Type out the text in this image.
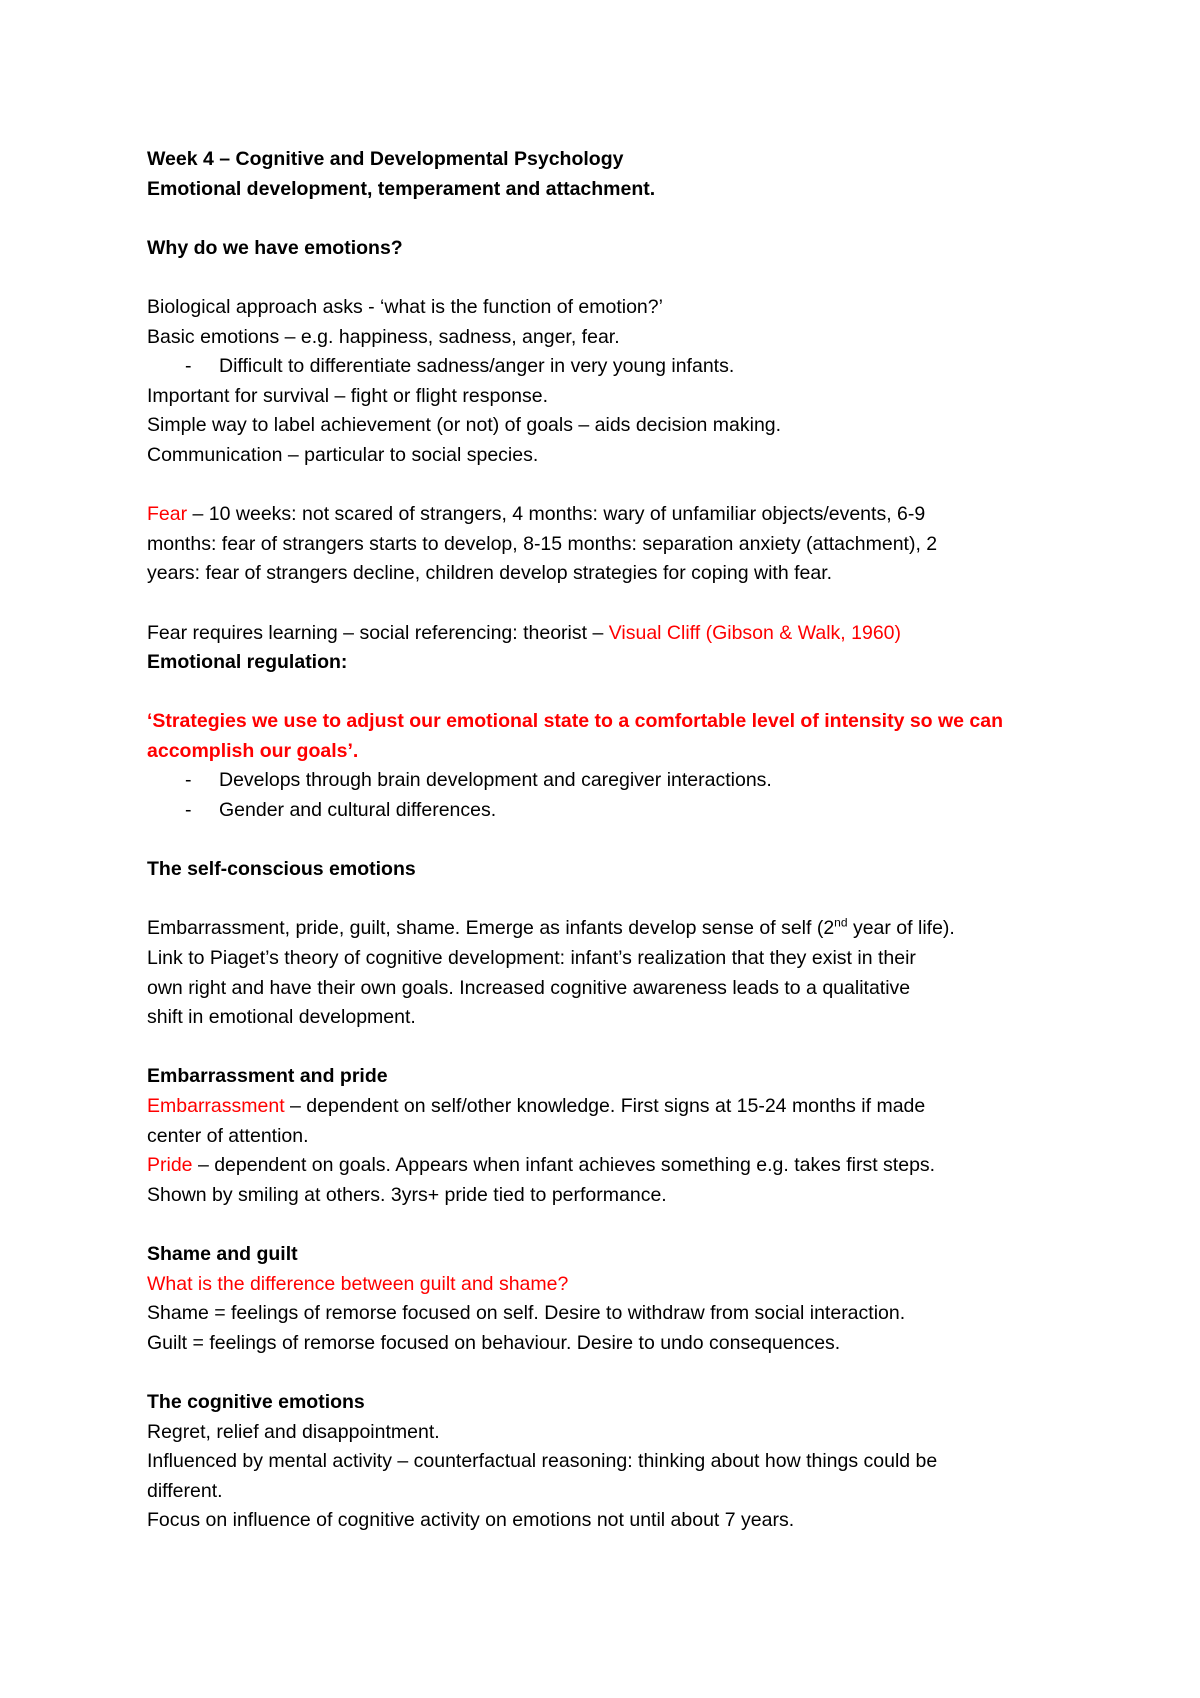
Week 4 – Cognitive and Developmental Psychology
Emotional development, temperament and attachment.
Why do we have emotions?
Biological approach asks - ‘what is the function of emotion?’
Basic emotions – e.g. happiness, sadness, anger, fear.
- Difficult to differentiate sadness/anger in very young infants.
Important for survival – fight or flight response.
Simple way to label achievement (or not) of goals – aids decision making.
Communication – particular to social species.
Fear – 10 weeks: not scared of strangers, 4 months: wary of unfamiliar objects/events, 6-9
months: fear of strangers starts to develop, 8-15 months: separation anxiety (attachment), 2
years: fear of strangers decline, children develop strategies for coping with fear.
Fear requires learning – social referencing: theorist – Visual Cliff (Gibson & Walk, 1960)
Emotional regulation:
‘Strategies we use to adjust our emotional state to a comfortable level of intensity so we can
accomplish our goals’.
- Develops through brain development and caregiver interactions.
- Gender and cultural differences.
The self-conscious emotions
Embarrassment, pride, guilt, shame. Emerge as infants develop sense of self (2nd year of life).
Link to Piaget’s theory of cognitive development: infant’s realization that they exist in their
own right and have their own goals. Increased cognitive awareness leads to a qualitative
shift in emotional development.
Embarrassment and pride
Embarrassment – dependent on self/other knowledge. First signs at 15-24 months if made
center of attention.
Pride – dependent on goals. Appears when infant achieves something e.g. takes first steps.
Shown by smiling at others. 3yrs+ pride tied to performance.
Shame and guilt
What is the difference between guilt and shame?
Shame = feelings of remorse focused on self. Desire to withdraw from social interaction.
Guilt = feelings of remorse focused on behaviour. Desire to undo consequences.
The cognitive emotions
Regret, relief and disappointment.
Influenced by mental activity – counterfactual reasoning: thinking about how things could be
different.
Focus on influence of cognitive activity on emotions not until about 7 years.
